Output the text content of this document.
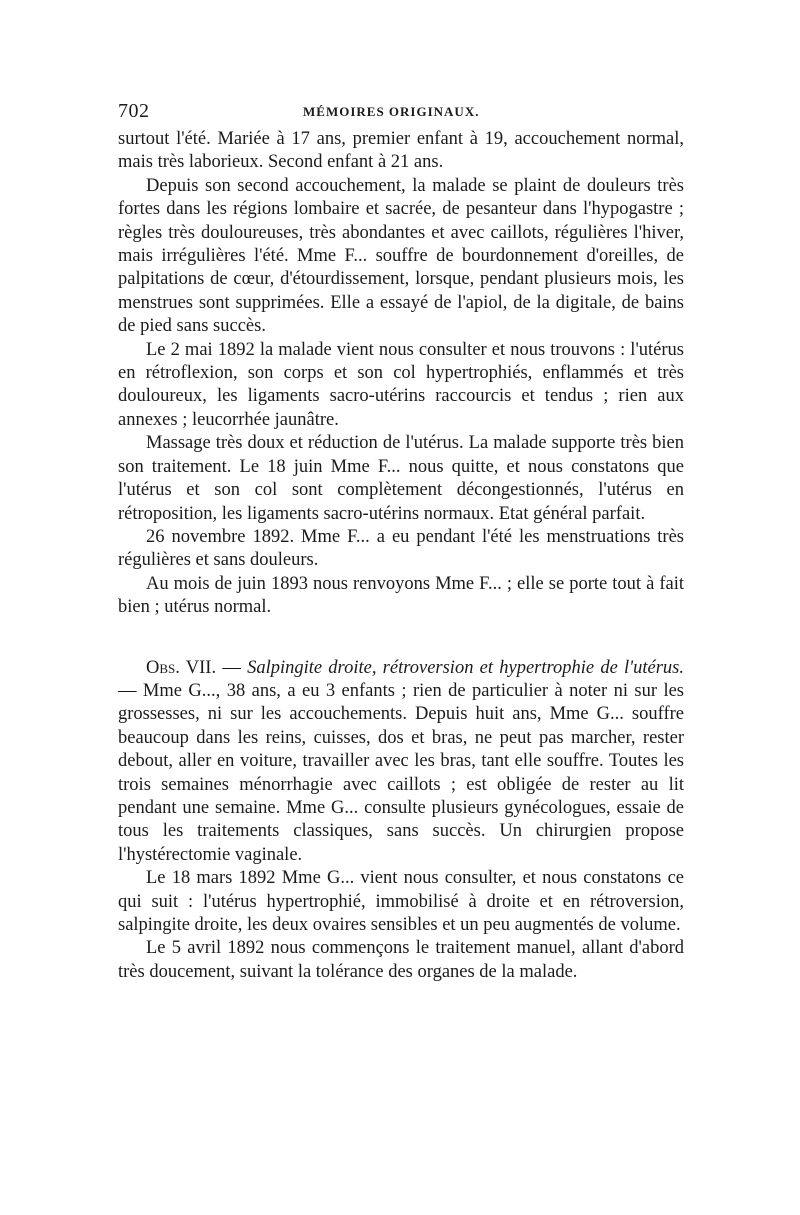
702	MÉMOIRES ORIGINAUX.

surtout l'été. Mariée à 17 ans, premier enfant à 19, accouchement normal, mais très laborieux. Second enfant à 21 ans.

Depuis son second accouchement, la malade se plaint de douleurs très fortes dans les régions lombaire et sacrée, de pesanteur dans l'hypogastre ; règles très douloureuses, très abondantes et avec caillots, régulières l'hiver, mais irrégulières l'été. Mme F... souffre de bourdonnement d'oreilles, de palpitations de cœur, d'étourdissement, lorsque, pendant plusieurs mois, les menstrues sont supprimées. Elle a essayé de l'apiol, de la digitale, de bains de pied sans succès.

Le 2 mai 1892 la malade vient nous consulter et nous trouvons : l'utérus en rétroflexion, son corps et son col hypertrophiés, enflammés et très douloureux, les ligaments sacro-utérins raccourcis et tendus ; rien aux annexes ; leucorrhée jaunâtre.

Massage très doux et réduction de l'utérus. La malade supporte très bien son traitement. Le 18 juin Mme F... nous quitte, et nous constatons que l'utérus et son col sont complètement décongestionnés, l'utérus en rétroposition, les ligaments sacro-utérins normaux. Etat général parfait.

26 novembre 1892. Mme F... a eu pendant l'été les menstruations très régulières et sans douleurs.

Au mois de juin 1893 nous renvoyons Mme F... ; elle se porte tout à fait bien ; utérus normal.

Obs. VII. — Salpingite droite, rétroversion et hypertrophie de l'utérus. — Mme G..., 38 ans, a eu 3 enfants ; rien de particulier à noter ni sur les grossesses, ni sur les accouchements. Depuis huit ans, Mme G... souffre beaucoup dans les reins, cuisses, dos et bras, ne peut pas marcher, rester debout, aller en voiture, travailler avec les bras, tant elle souffre. Toutes les trois semaines ménorrhagie avec caillots ; est obligée de rester au lit pendant une semaine. Mme G... consulte plusieurs gynécologues, essaie de tous les traitements classiques, sans succès. Un chirurgien propose l'hystérectomie vaginale.

Le 18 mars 1892 Mme G... vient nous consulter, et nous constatons ce qui suit : l'utérus hypertrophié, immobilisé à droite et en rétroversion, salpingite droite, les deux ovaires sensibles et un peu augmentés de volume.

Le 5 avril 1892 nous commençons le traitement manuel, allant d'abord très doucement, suivant la tolérance des organes de la malade.
